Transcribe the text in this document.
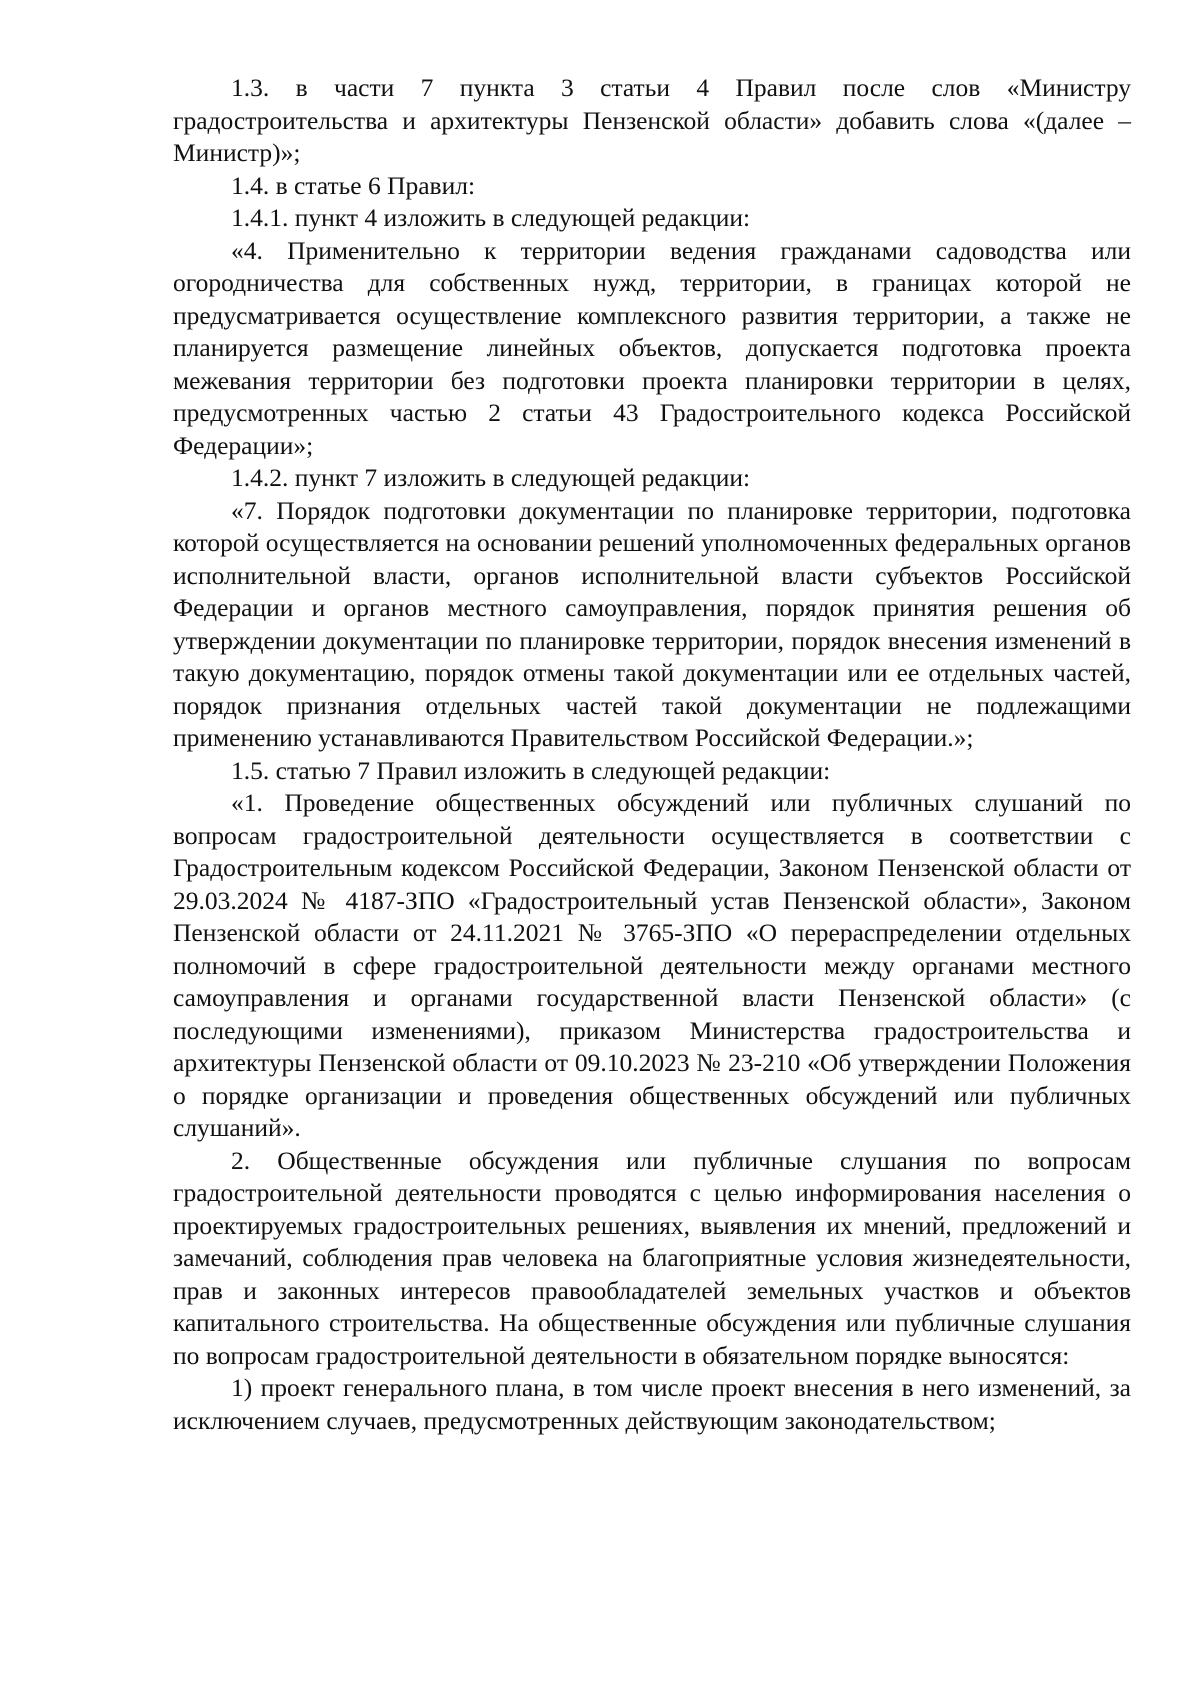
1.3. в части 7 пункта 3 статьи 4 Правил после слов «Министру градостроительства и архитектуры Пензенской области» добавить слова «(далее – Министр)»;

1.4. в статье 6 Правил:

1.4.1. пункт 4 изложить в следующей редакции:

«4. Применительно к территории ведения гражданами садоводства или огородничества для собственных нужд, территории, в границах которой не предусматривается осуществление комплексного развития территории, а также не планируется размещение линейных объектов, допускается подготовка проекта межевания территории без подготовки проекта планировки территории в целях, предусмотренных частью 2 статьи 43 Градостроительного кодекса Российской Федерации»;

1.4.2. пункт 7 изложить в следующей редакции:

«7. Порядок подготовки документации по планировке территории, подготовка которой осуществляется на основании решений уполномоченных федеральных органов исполнительной власти, органов исполнительной власти субъектов Российской Федерации и органов местного самоуправления, порядок принятия решения об утверждении документации по планировке территории, порядок внесения изменений в такую документацию, порядок отмены такой документации или ее отдельных частей, порядок признания отдельных частей такой документации не подлежащими применению устанавливаются Правительством Российской Федерации.»;

1.5. статью 7 Правил изложить в следующей редакции:

«1. Проведение общественных обсуждений или публичных слушаний по вопросам градостроительной деятельности осуществляется в соответствии с Градостроительным кодексом Российской Федерации, Законом Пензенской области от 29.03.2024 № 4187-ЗПО «Градостроительный устав Пензенской области», Законом Пензенской области от 24.11.2021 № 3765-ЗПО «О перераспределении отдельных полномочий в сфере градостроительной деятельности между органами местного самоуправления и органами государственной власти Пензенской области» (с последующими изменениями), приказом Министерства градостроительства и архитектуры Пензенской области от 09.10.2023 № 23-210 «Об утверждении Положения о порядке организации и проведения общественных обсуждений или публичных слушаний».

2. Общественные обсуждения или публичные слушания по вопросам градостроительной деятельности проводятся с целью информирования населения о проектируемых градостроительных решениях, выявления их мнений, предложений и замечаний, соблюдения прав человека на благоприятные условия жизнедеятельности, прав и законных интересов правообладателей земельных участков и объектов капитального строительства. На общественные обсуждения или публичные слушания по вопросам градостроительной деятельности в обязательном порядке выносятся:

1) проект генерального плана, в том числе проект внесения в него изменений, за исключением случаев, предусмотренных действующим законодательством;
